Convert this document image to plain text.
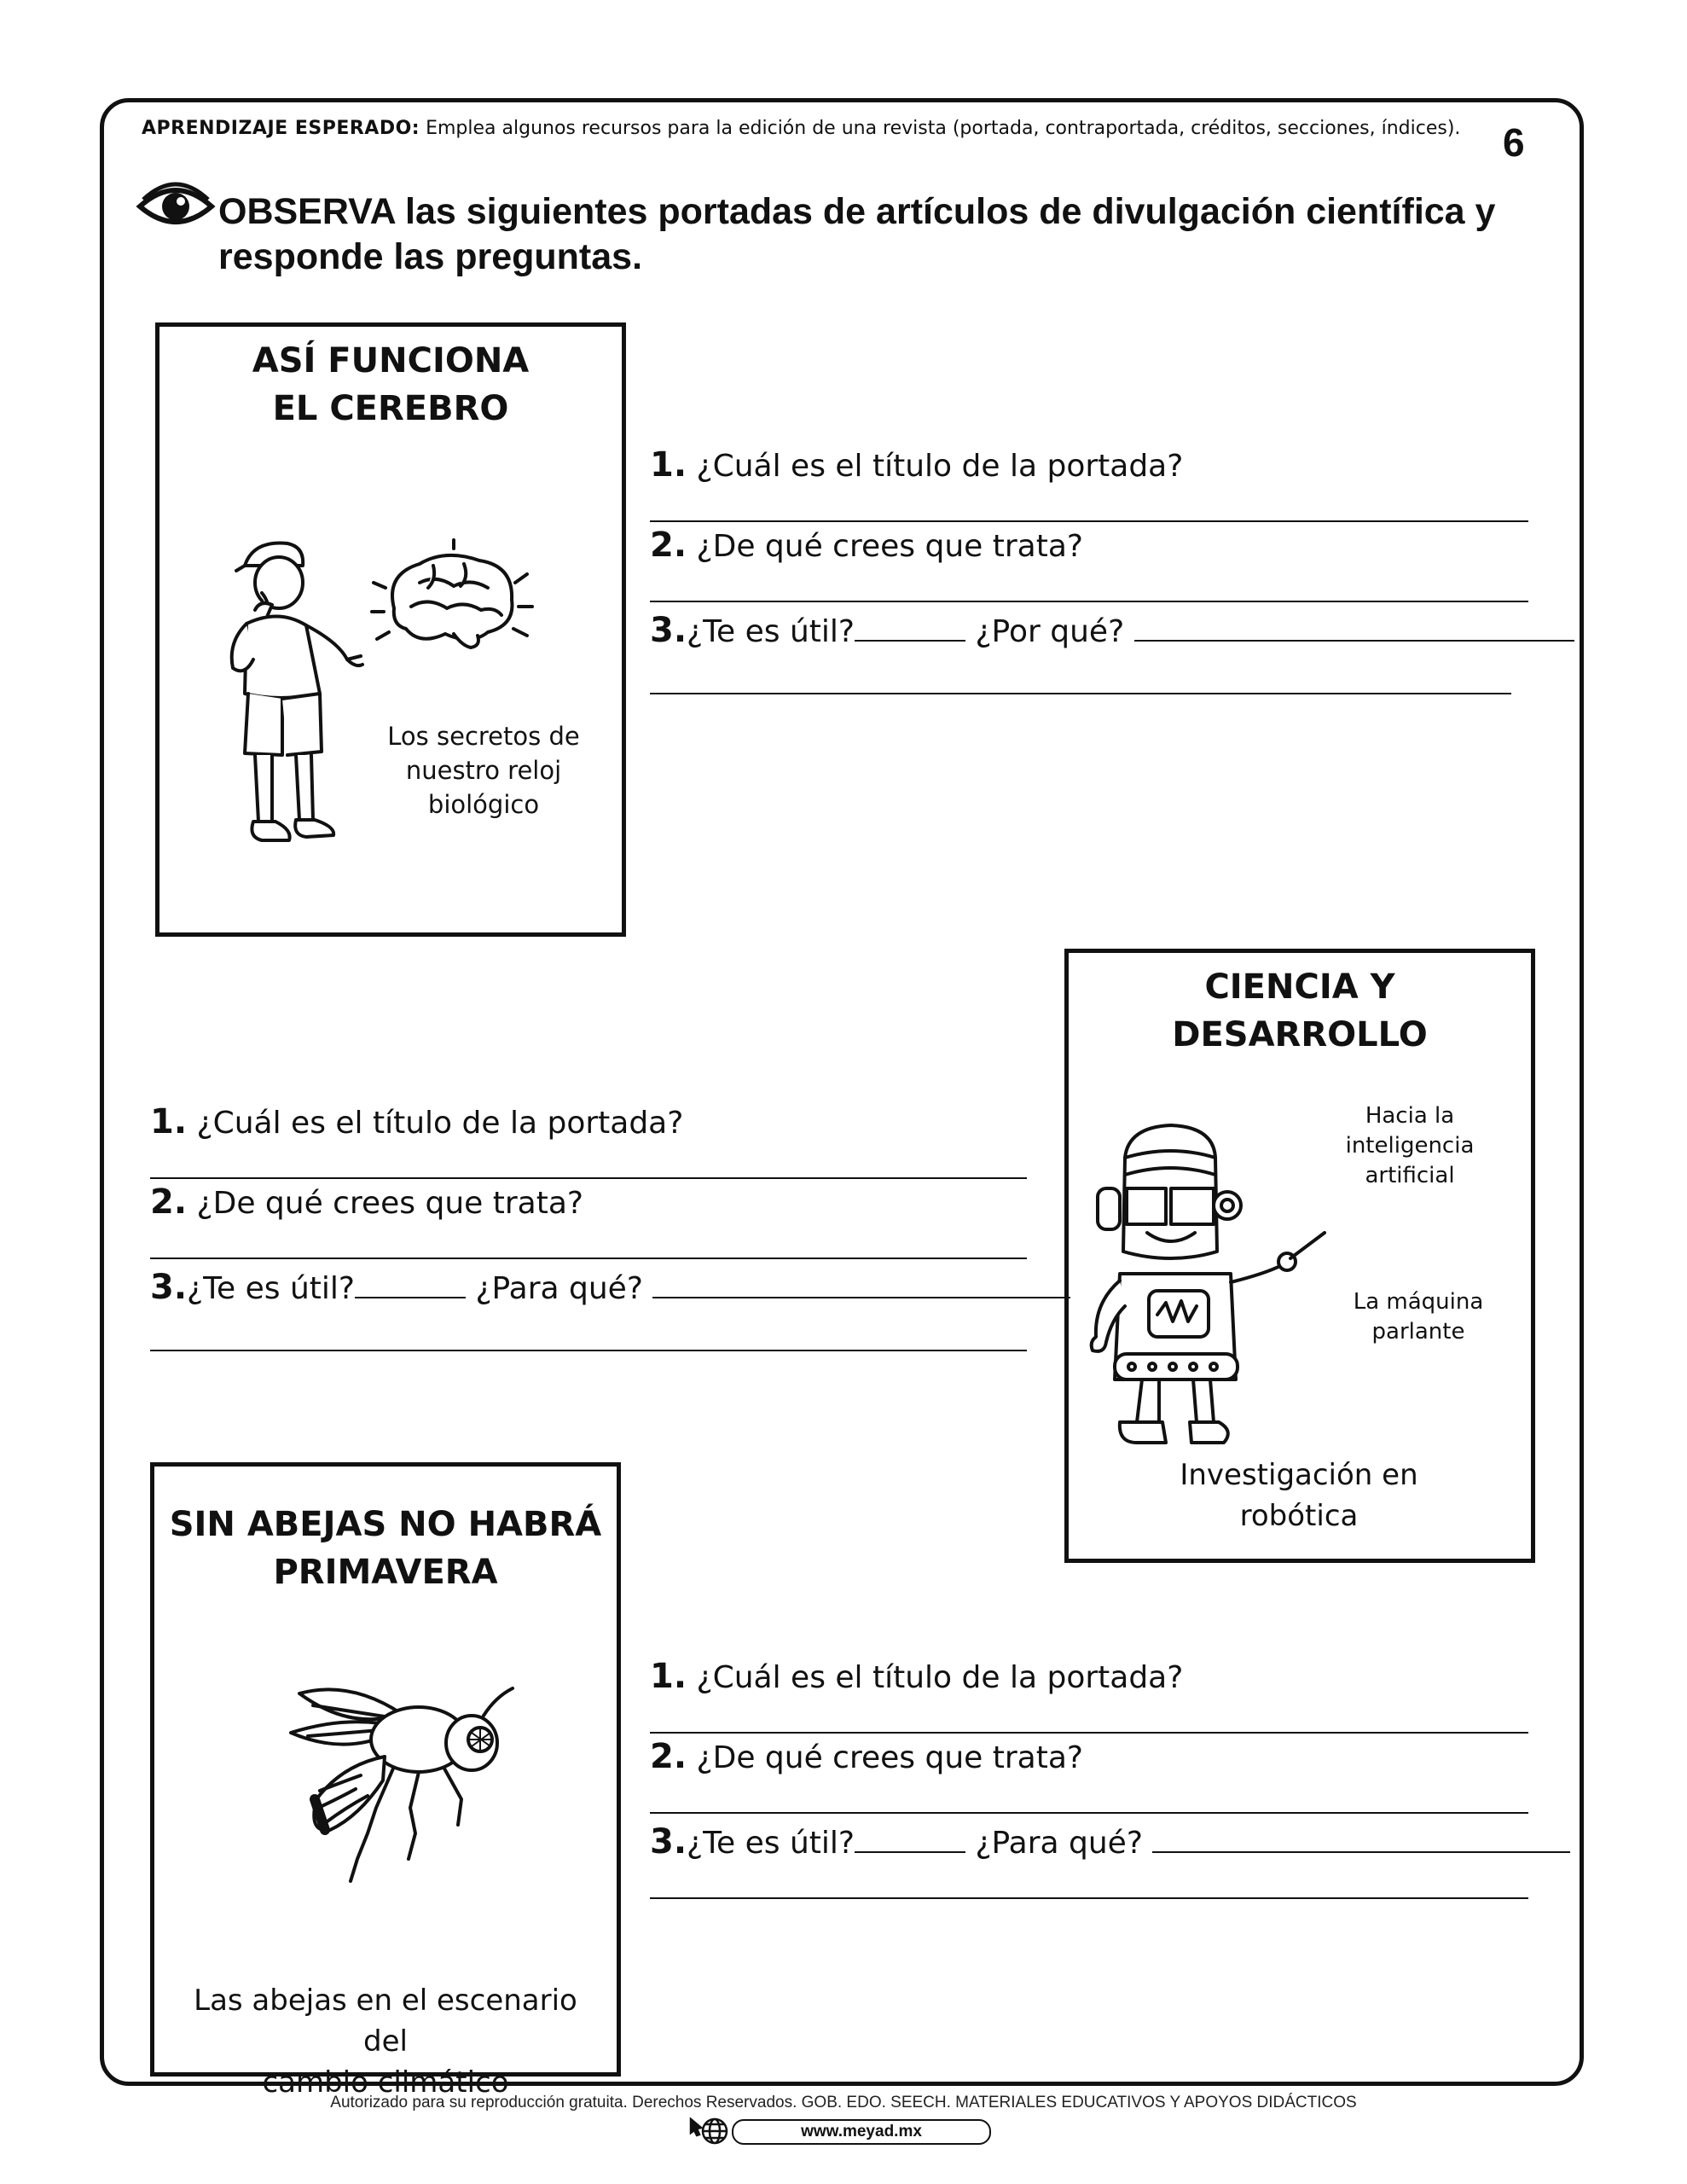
APRENDIZAJE ESPERADO: Emplea algunos recursos para la edición de una revista (portada, contraportada, créditos, secciones, índices). 6
OBSERVA las siguientes portadas de artículos de divulgación científica y responde las preguntas.
ASÍ FUNCIONA
EL CEREBRO
Los secretos de
nuestro reloj biológico
1. ¿Cuál es el título de la portada?
2. ¿De qué crees que trata?
3.¿Te es útil?	¿Por qué?
CIENCIA Y
DESARROLLO
Hacia la
inteligencia
artificial
La máquina
parlante
Investigación en
robótica
1. ¿Cuál es el título de la portada?
2. ¿De qué crees que trata?
3.¿Te es útil?	¿Para qué?
SIN ABEJAS NO HABRÁ
PRIMAVERA
Las abejas en el escenario del
cambio climático
1. ¿Cuál es el título de la portada?
2. ¿De qué crees que trata?
3.¿Te es útil?	¿Para qué?
Autorizado para su reproducción gratuita. Derechos Reservados. GOB. EDO. SEECH. MATERIALES EDUCATIVOS Y APOYOS DIDÁCTICOS
www.meyad.mx
